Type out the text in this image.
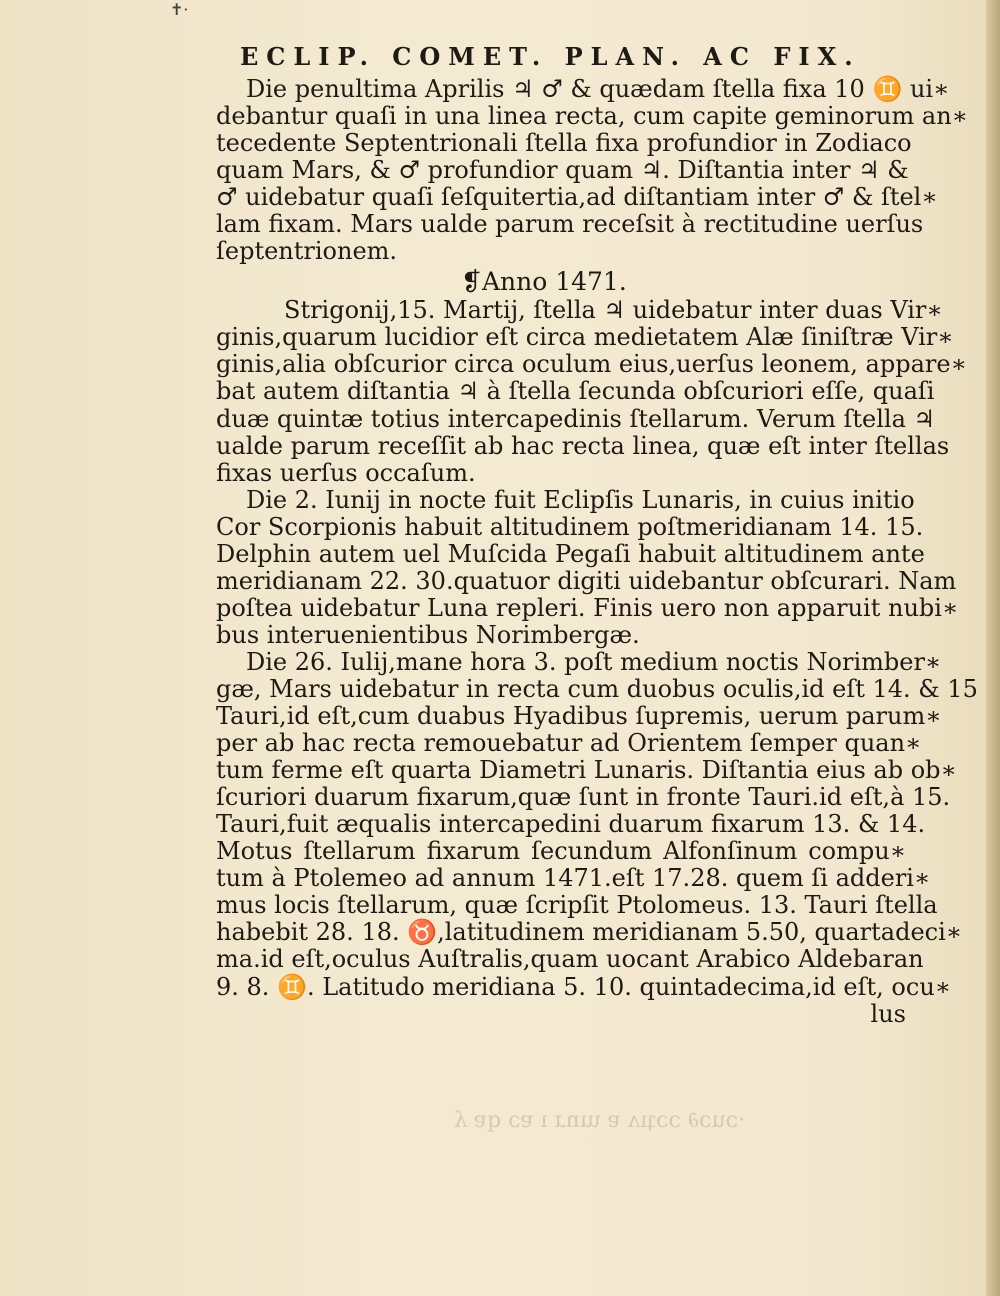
✝·
ECLIP. COMET. PLAN. AC FIX.
Die penultima Aprilis ♃ ♂ & quædam ſtella fixa 10 ♊ ui∗
debantur quaſi in una linea recta, cum capite geminorum an∗
tecedente Septentrionali ſtella fixa profundior in Zodiaco
quam Mars, & ♂ profundior quam ♃. Diſtantia inter ♃ &
♂ uidebatur quaſi ſeſquitertia,ad diſtantiam inter ♂ & ſtel∗
lam fixam. Mars ualde parum receſsit à rectitudine uerſus
ſeptentrionem.
❡Anno 1471.
Strigonij,15. Martij, ſtella ♃ uidebatur inter duas Vir∗
ginis,quarum lucidior eſt circa medietatem Alæ ſiniſtræ Vir∗
ginis,alia obſcurior circa oculum eius,uerſus leonem, appare∗
bat autem diſtantia ♃ à ſtella ſecunda obſcuriori eſſe, quaſi
duæ quintæ totius intercapedinis ſtellarum. Verum ſtella ♃
ualde parum receſſit ab hac recta linea, quæ eſt inter ſtellas
fixas uerſus occaſum.
Die 2. Iunij in nocte fuit Eclipſis Lunaris, in cuius initio
Cor Scorpionis habuit altitudinem poſtmeridianam 14. 15.
Delphin autem uel Muſcida Pegaſi habuit altitudinem ante
meridianam 22. 30.quatuor digiti uidebantur obſcurari. Nam
poſtea uidebatur Luna repleri. Finis uero non apparuit nubi∗
bus interuenientibus Norimbergæ.
Die 26. Iulij,mane hora 3. poſt medium noctis Norimber∗
gæ, Mars uidebatur in recta cum duobus oculis,id eſt 14. & 15
Tauri,id eſt,cum duabus Hyadibus ſupremis, uerum parum∗
per ab hac recta remouebatur ad Orientem ſemper quan∗
tum ferme eſt quarta Diametri Lunaris. Diſtantia eius ab ob∗
ſcuriori duarum fixarum,quæ ſunt in fronte Tauri.id eſt,à 15.
Tauri,fuit æqualis intercapedini duarum fixarum 13. & 14.
Motus ſtellarum fixarum ſecundum Alfonſinum compu∗
tum à Ptolemeo ad annum 1471.eſt 17.28. quem ſi adderi∗
mus locis ſtellarum, quæ ſcripſit Ptolomeus. 13. Tauri ſtella
habebit 28. 18. ♉,latitudinem meridianam 5.50, quartadeci∗
ma.id eſt,oculus Auſtralis,quam uocant Arabico Aldebaran
9. 8. ♊. Latitudo meridiana 5. 10. quintadecima,id eſt, ocu∗
lus
·ɔuɔ∂ ɔɔʇıʌ ɐ ɯnɹ ı ɐɔ qɐ ʎ
